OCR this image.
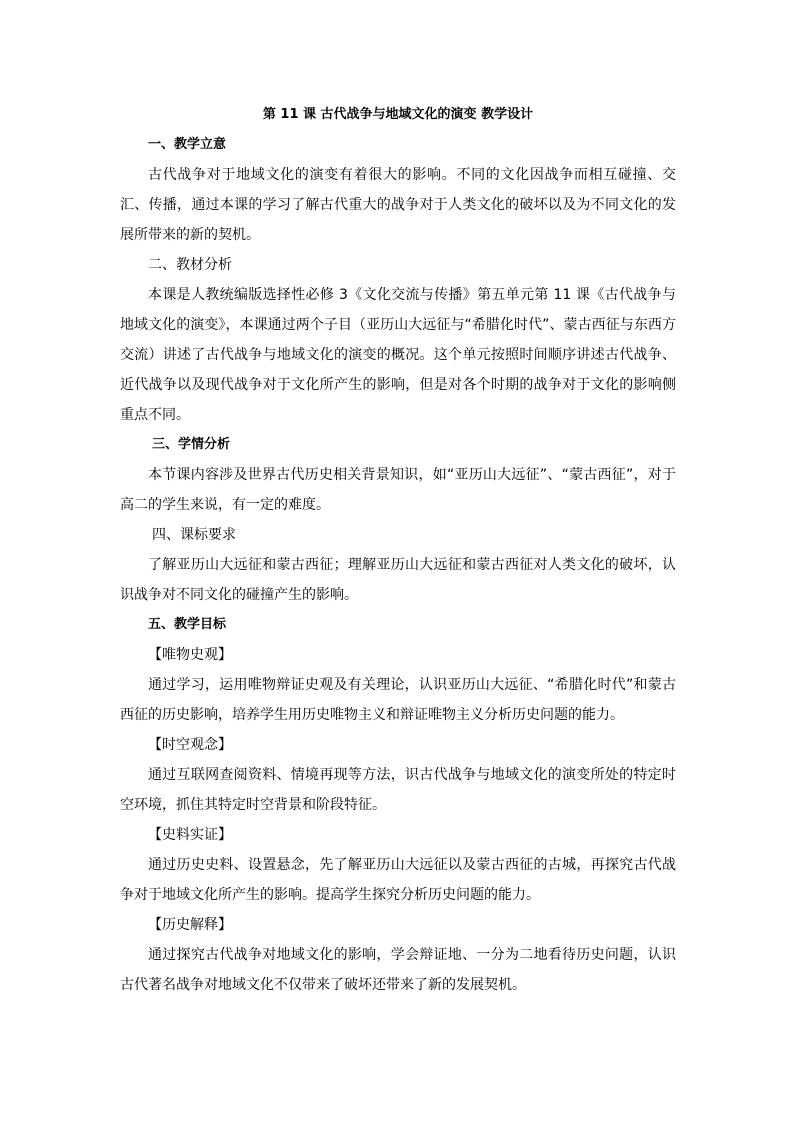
第 11 课 古代战争与地域文化的演变 教学设计

一、教学立意

古代战争对于地域文化的演变有着很大的影响。不同的文化因战争而相互碰撞、交汇、传播，通过本课的学习了解古代重大的战争对于人类文化的破坏以及为不同文化的发展所带来的新的契机。

二、教材分析

本课是人教统编版选择性必修 3《文化交流与传播》第五单元第 11 课《古代战争与地域文化的演变》，本课通过两个子目（亚历山大远征与“希腊化时代”、蒙古西征与东西方交流）讲述了古代战争与地域文化的演变的概况。这个单元按照时间顺序讲述古代战争、近代战争以及现代战争对于文化所产生的影响，但是对各个时期的战争对于文化的影响侧重点不同。

三、学情分析

本节课内容涉及世界古代历史相关背景知识，如“亚历山大远征”、“蒙古西征”，对于高二的学生来说，有一定的难度。

四、课标要求

了解亚历山大远征和蒙古西征；理解亚历山大远征和蒙古西征对人类文化的破坏，认识战争对不同文化的碰撞产生的影响。

五、教学目标

【唯物史观】

通过学习，运用唯物辩证史观及有关理论，认识亚历山大远征、“希腊化时代”和蒙古西征的历史影响，培养学生用历史唯物主义和辩证唯物主义分析历史问题的能力。

【时空观念】

通过互联网查阅资料、情境再现等方法，识古代战争与地域文化的演变所处的特定时空环境，抓住其特定时空背景和阶段特征。

【史料实证】

通过历史史料、设置悬念，先了解亚历山大远征以及蒙古西征的古城，再探究古代战争对于地域文化所产生的影响。提高学生探究分析历史问题的能力。

【历史解释】

通过探究古代战争对地域文化的影响，学会辩证地、一分为二地看待历史问题，认识古代著名战争对地域文化不仅带来了破坏还带来了新的发展契机。
